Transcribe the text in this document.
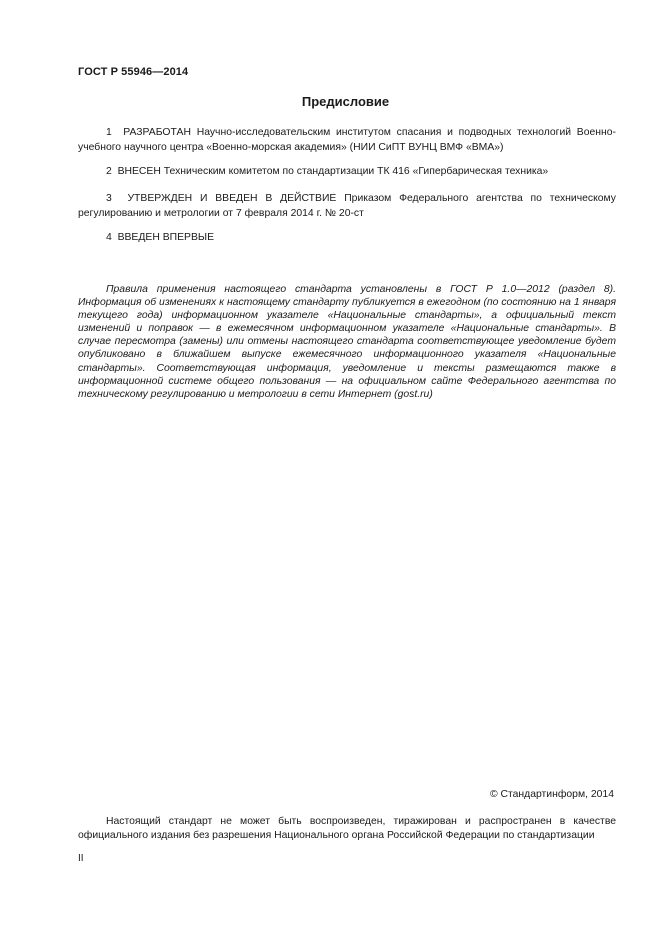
ГОСТ Р 55946—2014
Предисловие

1 РАЗРАБОТАН Научно-исследовательским институтом спасания и подводных технологий Военно-учебного научного центра «Военно-морская академия» (НИИ СиПТ ВУНЦ ВМФ «ВМА»)

2 ВНЕСЕН Техническим комитетом по стандартизации ТК 416 «Гипербарическая техника»

3 УТВЕРЖДЕН И ВВЕДЕН В ДЕЙСТВИЕ Приказом Федерального агентства по техническому регулированию и метрологии от 7 февраля 2014 г. № 20-ст

4 ВВЕДЕН ВПЕРВЫЕ

Правила применения настоящего стандарта установлены в ГОСТ Р 1.0—2012 (раздел 8). Информация об изменениях к настоящему стандарту публикуется в ежегодном (по состоянию на 1 января текущего года) информационном указателе «Национальные стандарты», а официальный текст изменений и поправок — в ежемесячном информационном указателе «Национальные стандарты». В случае пересмотра (замены) или отмены настоящего стандарта соответствующее уведомление будет опубликовано в ближайшем выпуске ежемесячного информационного указателя «Национальные стандарты». Соответствующая информация, уведомление и тексты размещаются также в информационной системе общего пользования — на официальном сайте Федерального агентства по техническому регулированию и метрологии в сети Интернет (gost.ru)

© Стандартинформ, 2014

Настоящий стандарт не может быть воспроизведен, тиражирован и распространен в качестве официального издания без разрешения Национального органа Российской Федерации по стандартизации

II
